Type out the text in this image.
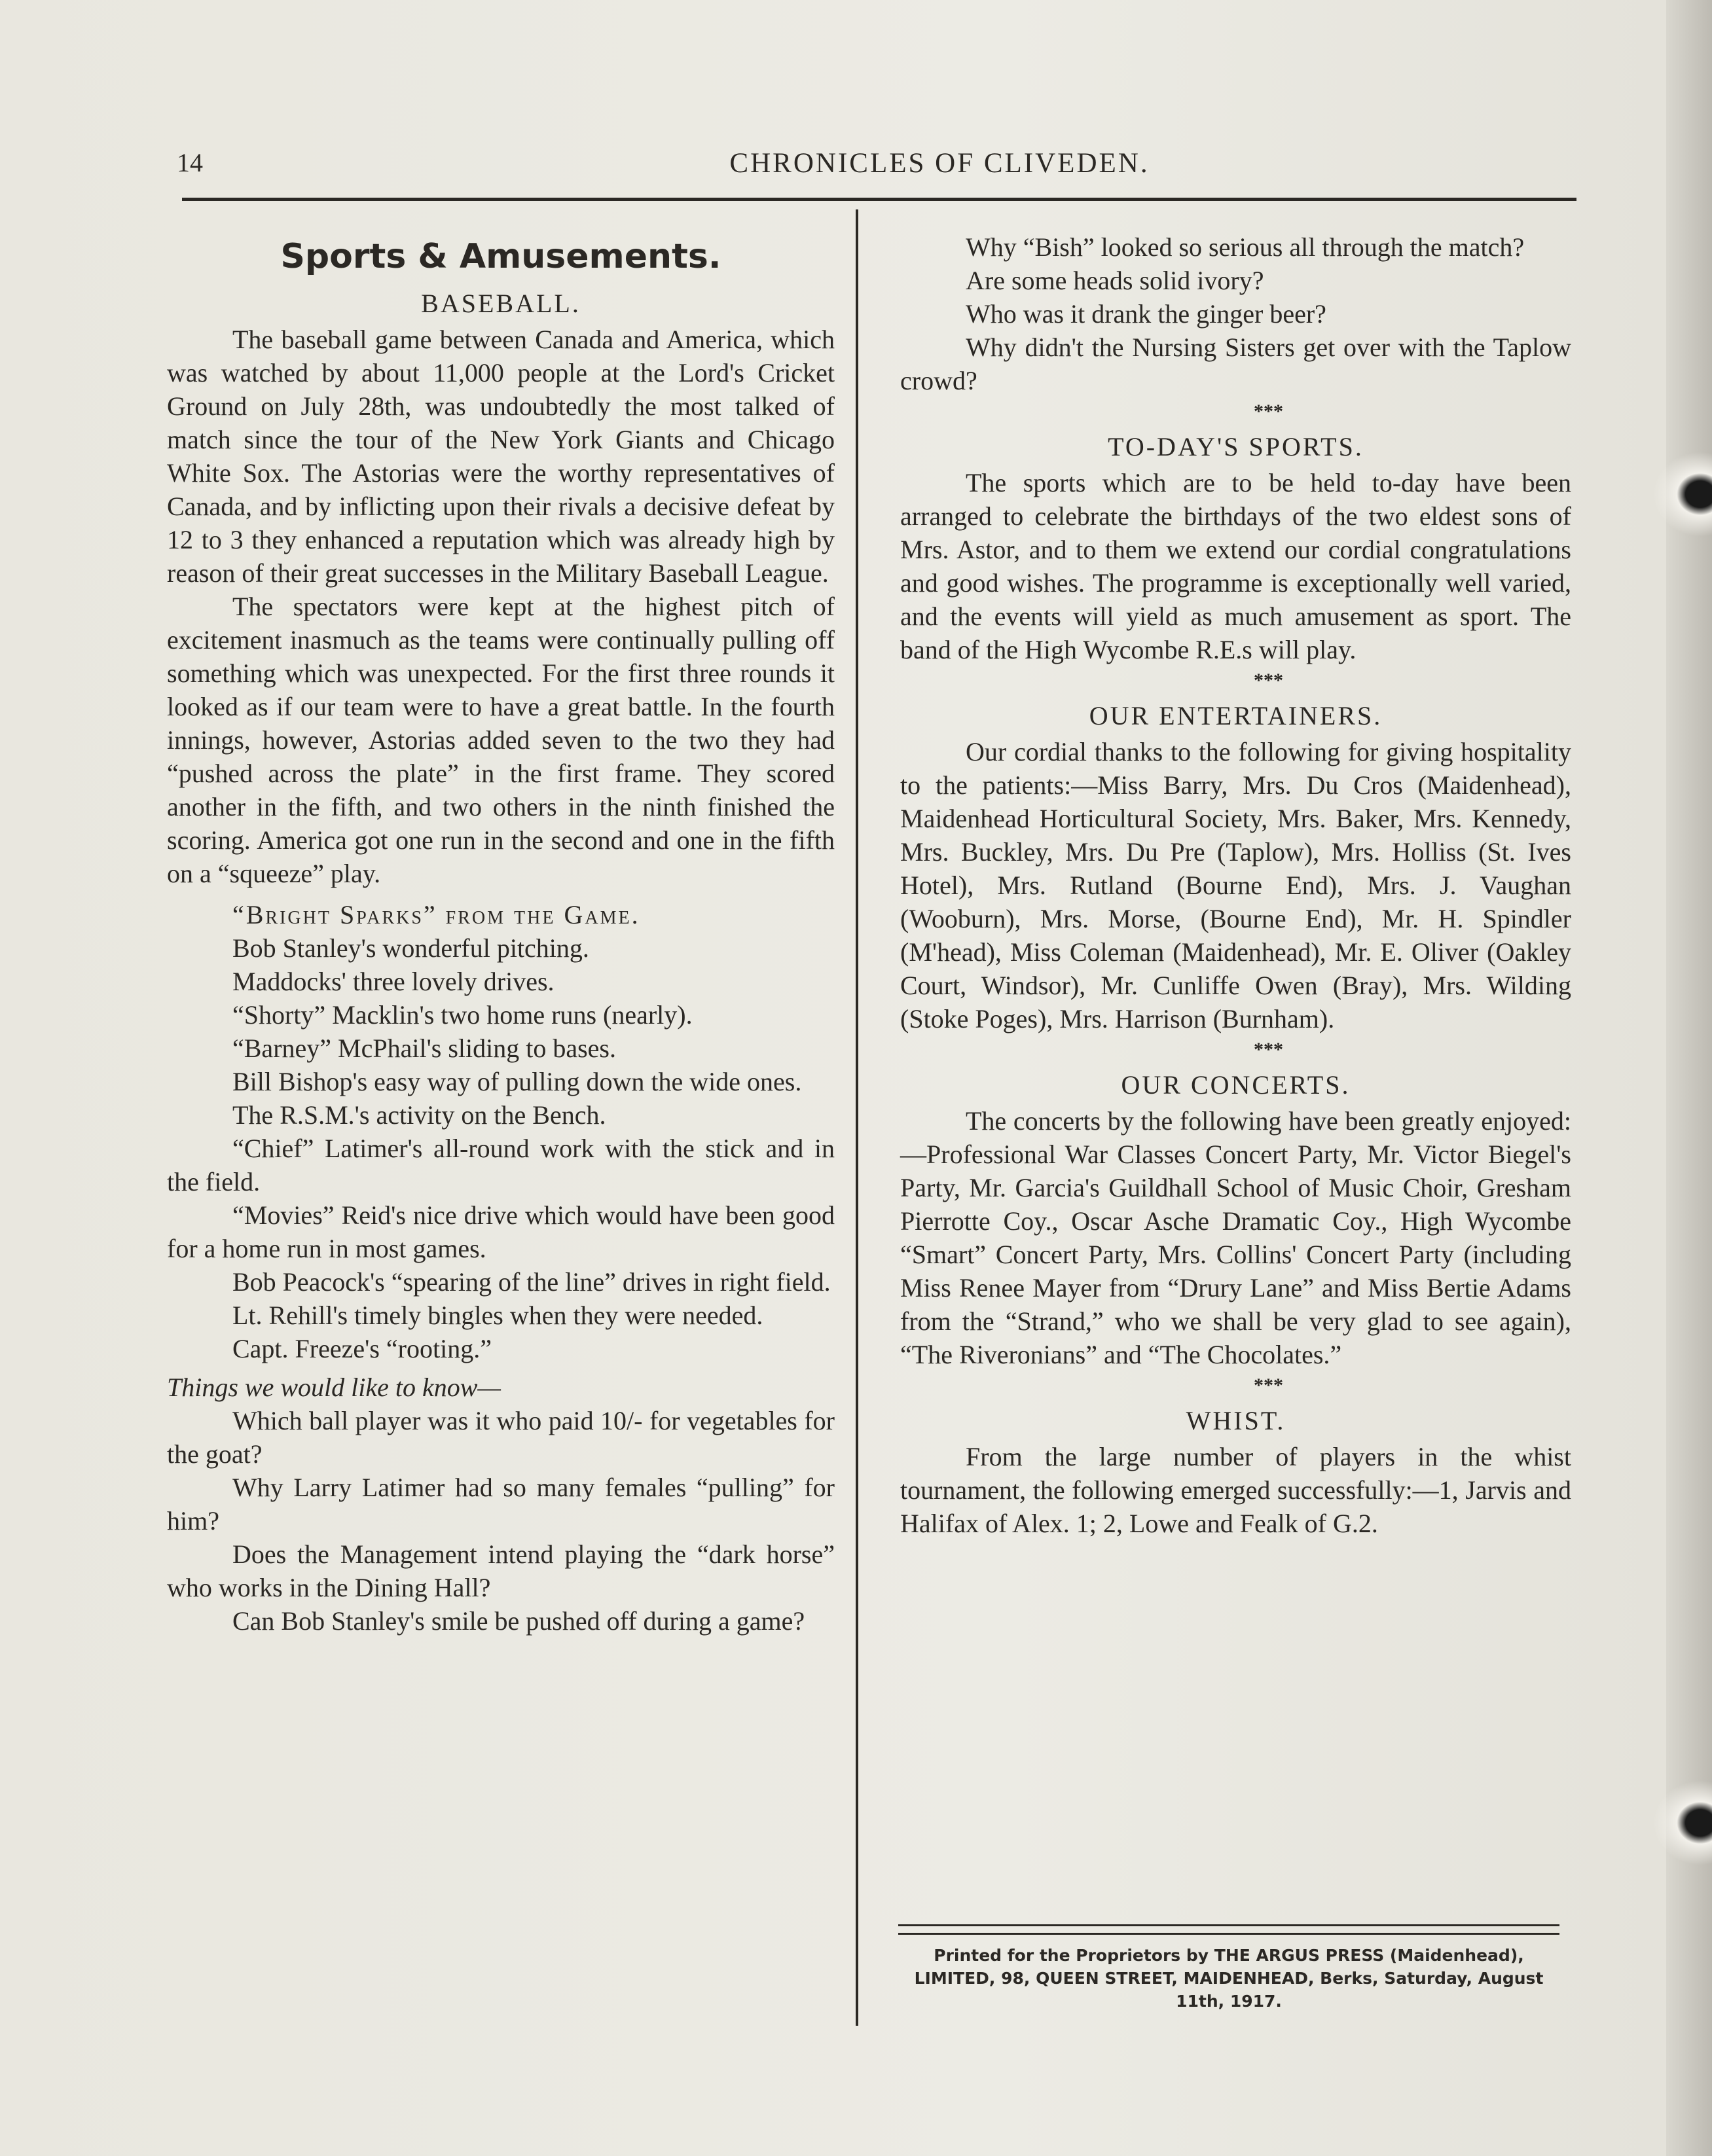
14	CHRONICLES OF CLIVEDEN.

Sports & Amusements.

BASEBALL.

The baseball game between Canada and America, which was watched by about 11,000 people at the Lord's Cricket Ground on July 28th, was undoubtedly the most talked of match since the tour of the New York Giants and Chicago White Sox. The Astorias were the worthy representatives of Canada, and by inflicting upon their rivals a decisive defeat by 12 to 3 they enhanced a reputation which was already high by reason of their great successes in the Military Baseball League.

The spectators were kept at the highest pitch of excitement inasmuch as the teams were continually pulling off something which was unexpected. For the first three rounds it looked as if our team were to have a great battle. In the fourth innings, however, Astorias added seven to the two they had “pushed across the plate” in the first frame. They scored another in the fifth, and two others in the ninth finished the scoring. America got one run in the second and one in the fifth on a “squeeze” play.

“Bright Sparks” from the Game.

Bob Stanley's wonderful pitching.

Maddocks' three lovely drives.

“Shorty” Macklin's two home runs (nearly).

“Barney” McPhail's sliding to bases.

Bill Bishop's easy way of pulling down the wide ones.

The R.S.M.'s activity on the Bench.

“Chief” Latimer's all-round work with the stick and in the field.

“Movies” Reid's nice drive which would have been good for a home run in most games.

Bob Peacock's “spearing of the line” drives in right field.

Lt. Rehill's timely bingles when they were needed.

Capt. Freeze's “rooting.”

Things we would like to know—

Which ball player was it who paid 10/- for vegetables for the goat?

Why Larry Latimer had so many females “pulling” for him?

Does the Management intend playing the “dark horse” who works in the Dining Hall?

Can Bob Stanley's smile be pushed off during a game?

Why “Bish” looked so serious all through the match?

Are some heads solid ivory?

Who was it drank the ginger beer?

Why didn't the Nursing Sisters get over with the Taplow crowd?

***

TO-DAY'S SPORTS.

The sports which are to be held to-day have been arranged to celebrate the birthdays of the two eldest sons of Mrs. Astor, and to them we extend our cordial congratulations and good wishes. The programme is exceptionally well varied, and the events will yield as much amusement as sport. The band of the High Wycombe R.E.s will play.

***

OUR ENTERTAINERS.

Our cordial thanks to the following for giving hospitality to the patients:—Miss Barry, Mrs. Du Cros (Maidenhead), Maidenhead Horticultural Society, Mrs. Baker, Mrs. Kennedy, Mrs. Buckley, Mrs. Du Pre (Taplow), Mrs. Holliss (St. Ives Hotel), Mrs. Rutland (Bourne End), Mrs. J. Vaughan (Wooburn), Mrs. Morse, (Bourne End), Mr. H. Spindler (M'head), Miss Coleman (Maidenhead), Mr. E. Oliver (Oakley Court, Windsor), Mr. Cunliffe Owen (Bray), Mrs. Wilding (Stoke Poges), Mrs. Harrison (Burnham).

***

OUR CONCERTS.

The concerts by the following have been greatly enjoyed:—Professional War Classes Concert Party, Mr. Victor Biegel's Party, Mr. Garcia's Guildhall School of Music Choir, Gresham Pierrotte Coy., Oscar Asche Dramatic Coy., High Wycombe “Smart” Concert Party, Mrs. Collins' Concert Party (including Miss Renee Mayer from “Drury Lane” and Miss Bertie Adams from the “Strand,” who we shall be very glad to see again), “The Riveronians” and “The Chocolates.”

***

WHIST.

From the large number of players in the whist tournament, the following emerged successfully:—1, Jarvis and Halifax of Alex. 1; 2, Lowe and Fealk of G.2.

Printed for the Proprietors by THE ARGUS PRESS (Maidenhead), LIMITED, 98, QUEEN STREET, MAIDENHEAD, Berks, Saturday, August 11th, 1917.
